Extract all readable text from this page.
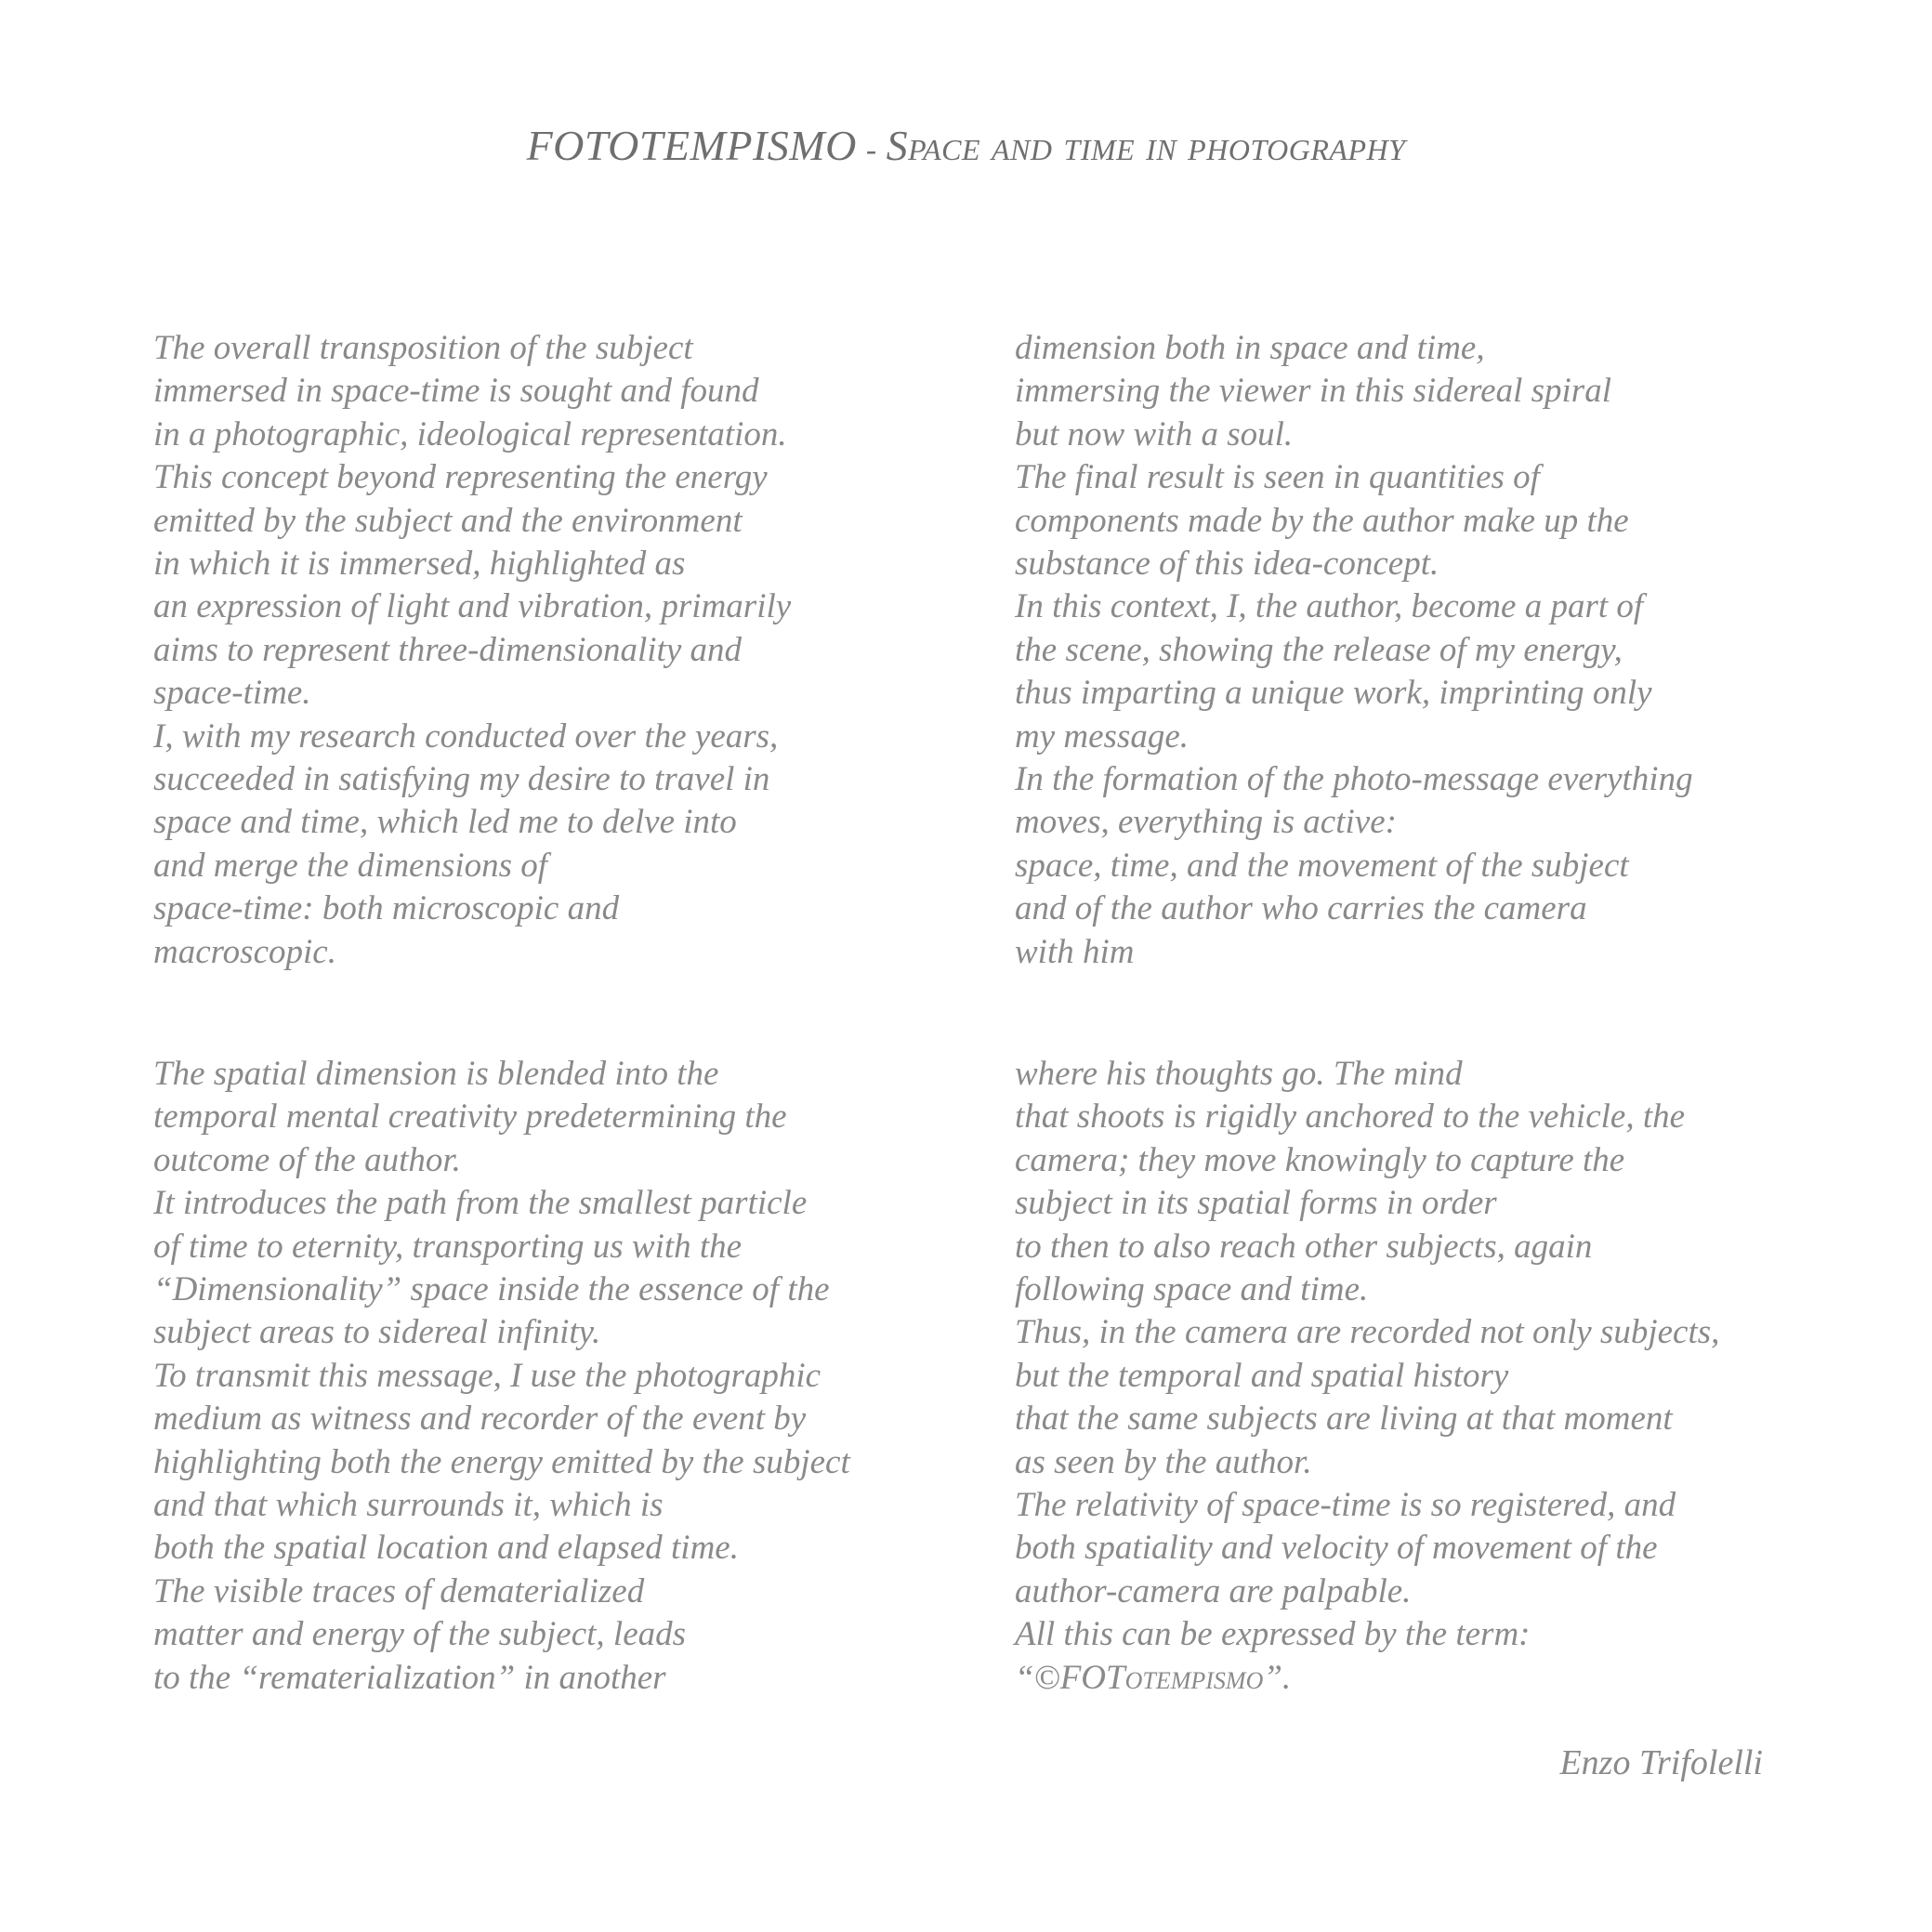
FOTOTEMPISMO - Space and time in photography
The overall transposition of the subject
immersed in space-time is sought and found
in a photographic, ideological representation.
This concept beyond representing the energy
emitted by the subject and the environment
in which it is immersed, highlighted as
an expression of light and vibration, primarily
aims to represent three-dimensionality and
space-time.
I, with my research conducted over the years,
succeeded in satisfying my desire to travel in
space and time, which led me to delve into
and merge the dimensions of
space-time: both microscopic and
macroscopic.
dimension both in space and time,
immersing the viewer in this sidereal spiral
but now with a soul.
The final result is seen in quantities of
components made by the author make up the
substance of this idea-concept.
In this context, I, the author, become a part of
the scene, showing the release of my energy,
thus imparting a unique work, imprinting only
my message.
In the formation of the photo-message everything
moves, everything is active:
space, time, and the movement of the subject
and of the author who carries the camera
with him
The spatial dimension is blended into the
temporal mental creativity predetermining the
outcome of the author.
It introduces the path from the smallest particle
of time to eternity, transporting us with the
“Dimensionality” space inside the essence of the
subject areas to sidereal infinity.
To transmit this message, I use the photographic
medium as witness and recorder of the event by
highlighting both the energy emitted by the subject
and that which surrounds it, which is
both the spatial location and elapsed time.
The visible traces of dematerialized
matter and energy of the subject, leads
to the “rematerialization” in another
where his thoughts go. The mind
that shoots is rigidly anchored to the vehicle, the
camera; they move knowingly to capture the
subject in its spatial forms in order
to then to also reach other subjects, again
following space and time.
Thus, in the camera are recorded not only subjects,
but the temporal and spatial history
that the same subjects are living at that moment
as seen by the author.
The relativity of space-time is so registered, and
both spatiality and velocity of movement of the
author-camera are palpable.
All this can be expressed by the term:
“©FOTotempismo”.
Enzo Trifolelli
